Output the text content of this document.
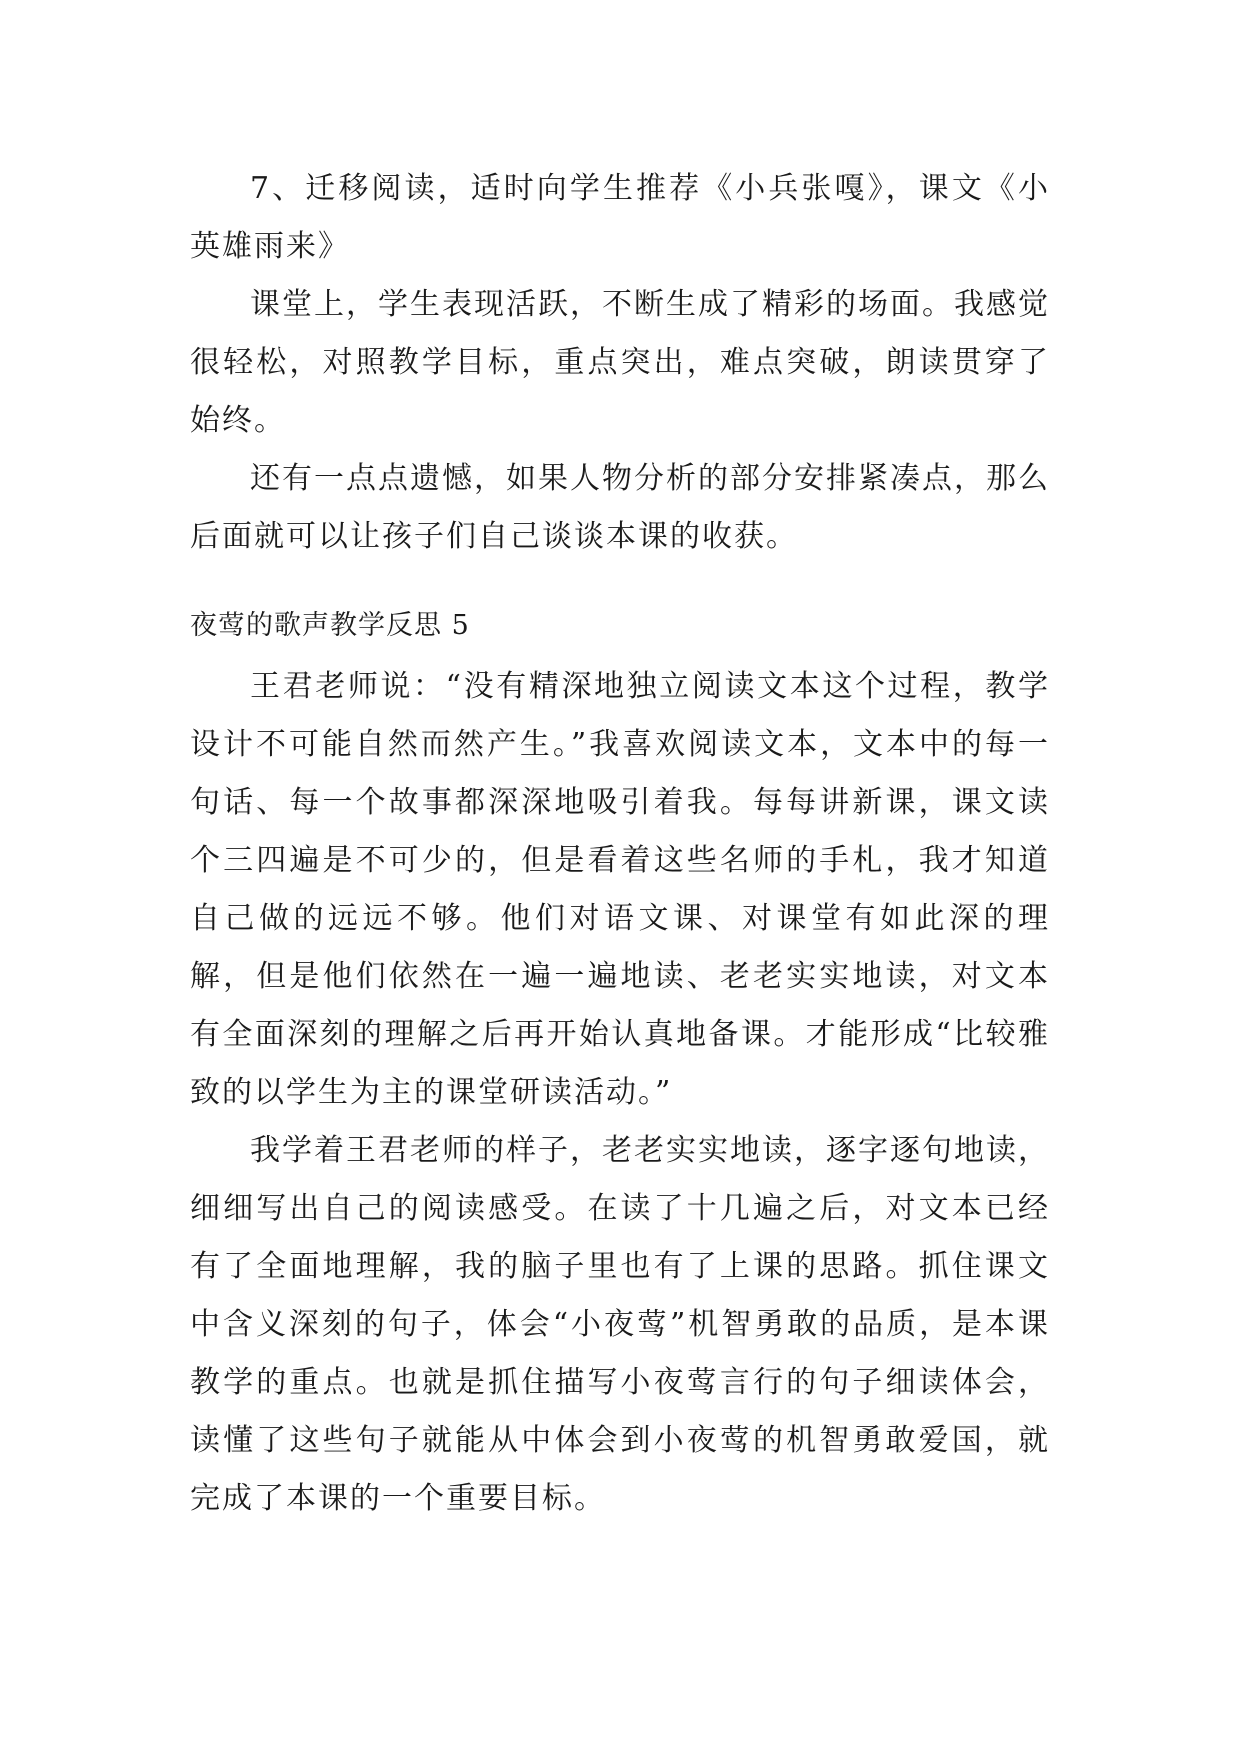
7、迁移阅读，适时向学生推荐《小兵张嘎》，课文《小英雄雨来》

课堂上，学生表现活跃，不断生成了精彩的场面。我感觉很轻松，对照教学目标，重点突出，难点突破，朗读贯穿了始终。

还有一点点遗憾，如果人物分析的部分安排紧凑点，那么后面就可以让孩子们自己谈谈本课的收获。

夜莺的歌声教学反思 5

王君老师说：“没有精深地独立阅读文本这个过程，教学设计不可能自然而然产生。”我喜欢阅读文本，文本中的每一句话、每一个故事都深深地吸引着我。每每讲新课，课文读个三四遍是不可少的，但是看着这些名师的手札，我才知道自己做的远远不够。他们对语文课、对课堂有如此深的理解，但是他们依然在一遍一遍地读、老老实实地读，对文本有全面深刻的理解之后再开始认真地备课。才能形成“比较雅致的以学生为主的课堂研读活动。”

我学着王君老师的样子，老老实实地读，逐字逐句地读，细细写出自己的阅读感受。在读了十几遍之后，对文本已经有了全面地理解，我的脑子里也有了上课的思路。抓住课文中含义深刻的句子，体会“小夜莺”机智勇敢的品质，是本课教学的重点。也就是抓住描写小夜莺言行的句子细读体会，读懂了这些句子就能从中体会到小夜莺的机智勇敢爱国，就完成了本课的一个重要目标。
